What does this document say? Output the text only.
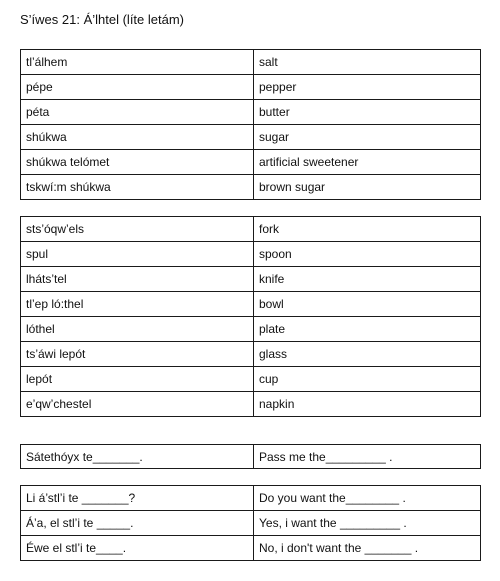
S’íwes 21: Á’lhtel (líte letám)
tl’álhem	salt
pépe	pepper
péta	butter
shúkwa	sugar
shúkwa telómet	artificial sweetener
tskwí:m shúkwa	brown sugar
sts’óqw’els	fork
spul	spoon
lháts’tel	knife
tl’ep ló:thel	bowl
lóthel	plate
ts’áwi lepót	glass
lepót	cup
e’qw’chestel	napkin
Sátethóyx te_______.	Pass me the_________ .
Li á’stl’i te _______?	Do you want the________ .
Á’a, el stl’i te _____.	Yes, i want the _________ .
Éwe el stl’i te____.	No, i don't want the _______ .
